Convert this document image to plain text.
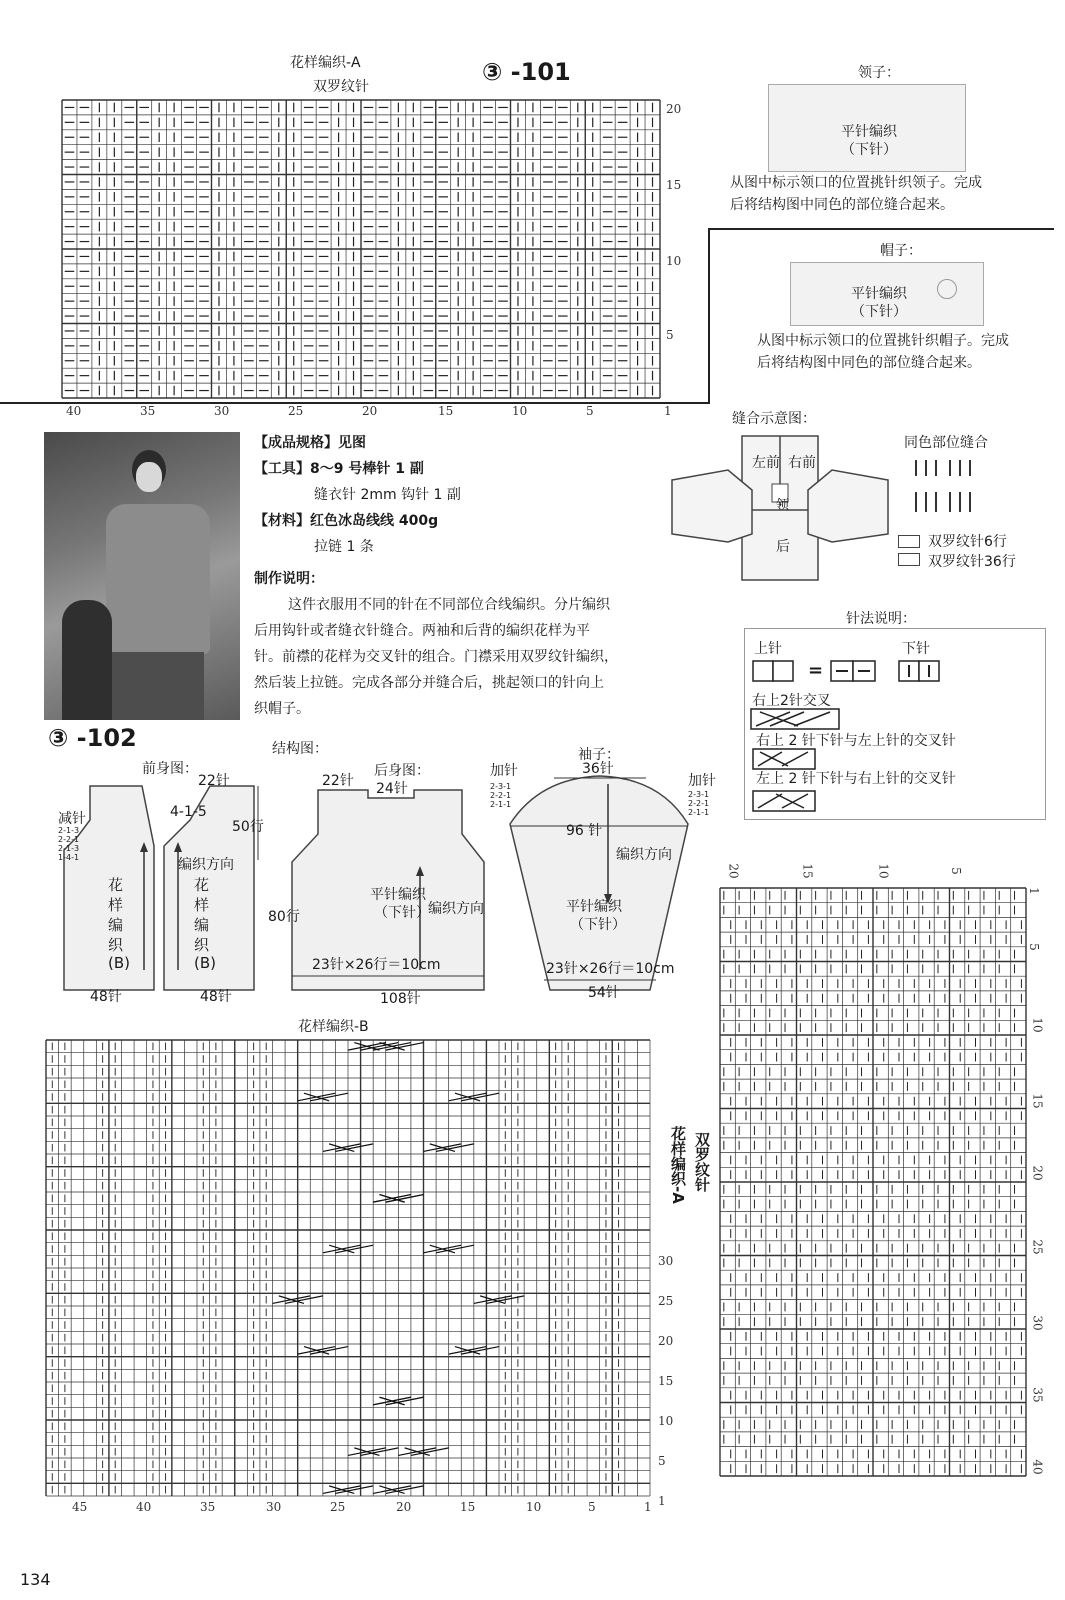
花样编织-A
双罗纹针
③ -101
20
15
10
5
40	35	30	25	20	15	10	5	1
领子：
平针编织
（下针）
从图中标示领口的位置挑针织领子。完成
后将结构图中同色的部位缝合起来。
帽子：
平针编织
（下针）
从图中标示领口的位置挑针织帽子。完成
后将结构图中同色的部位缝合起来。
【成品规格】见图
【工具】8～9 号棒针 1 副
缝衣针 2mm 钩针 1 副
【材料】红色冰岛线线 400g
拉链 1 条
制作说明：
这件衣服用不同的针在不同部位合线编织。分片编织
后用钩针或者缝衣针缝合。两袖和后背的编织花样为平
针。前襟的花样为交叉针的组合。门襟采用双罗纹针编织，
然后装上拉链。完成各部分并缝合后，挑起领口的针向上
织帽子。
缝合示意图：
左前 右前
领
后
同色部位缝合
双罗纹针6行
双罗纹针36行
针法说明：
上针	下针
=
右上2针交叉
右上 2 针下针与左上针的交叉针
左上 2 针下针与右上针的交叉针
③ -102	结构图：
前身图：
22针
4-1-5
50行
减针
2-1-3
2-2-1
2-1-3
1-4-1	编织方向
花
样
编
织
(B)
花
样
编
织
(B)
48针	48针
后身图：
22针 24针
80行
平针编织
（下针）
编织方向
23针×26行＝10cm
108针
袖子：
36针
加针
加针
2-3-1
2-2-1
2-1-1
2-3-1
2-2-1
2-1-1
96 针
编织方向
平针编织
（下针）
23针×26行＝10cm
54针
花样编织-B
30
25
20
15
10
5
1
45	40	35	30	25	20	15	10	5	1
花样编织-A 双罗纹针
20	15	10	5
1
5
10
15
20
25
30
35
40
134
